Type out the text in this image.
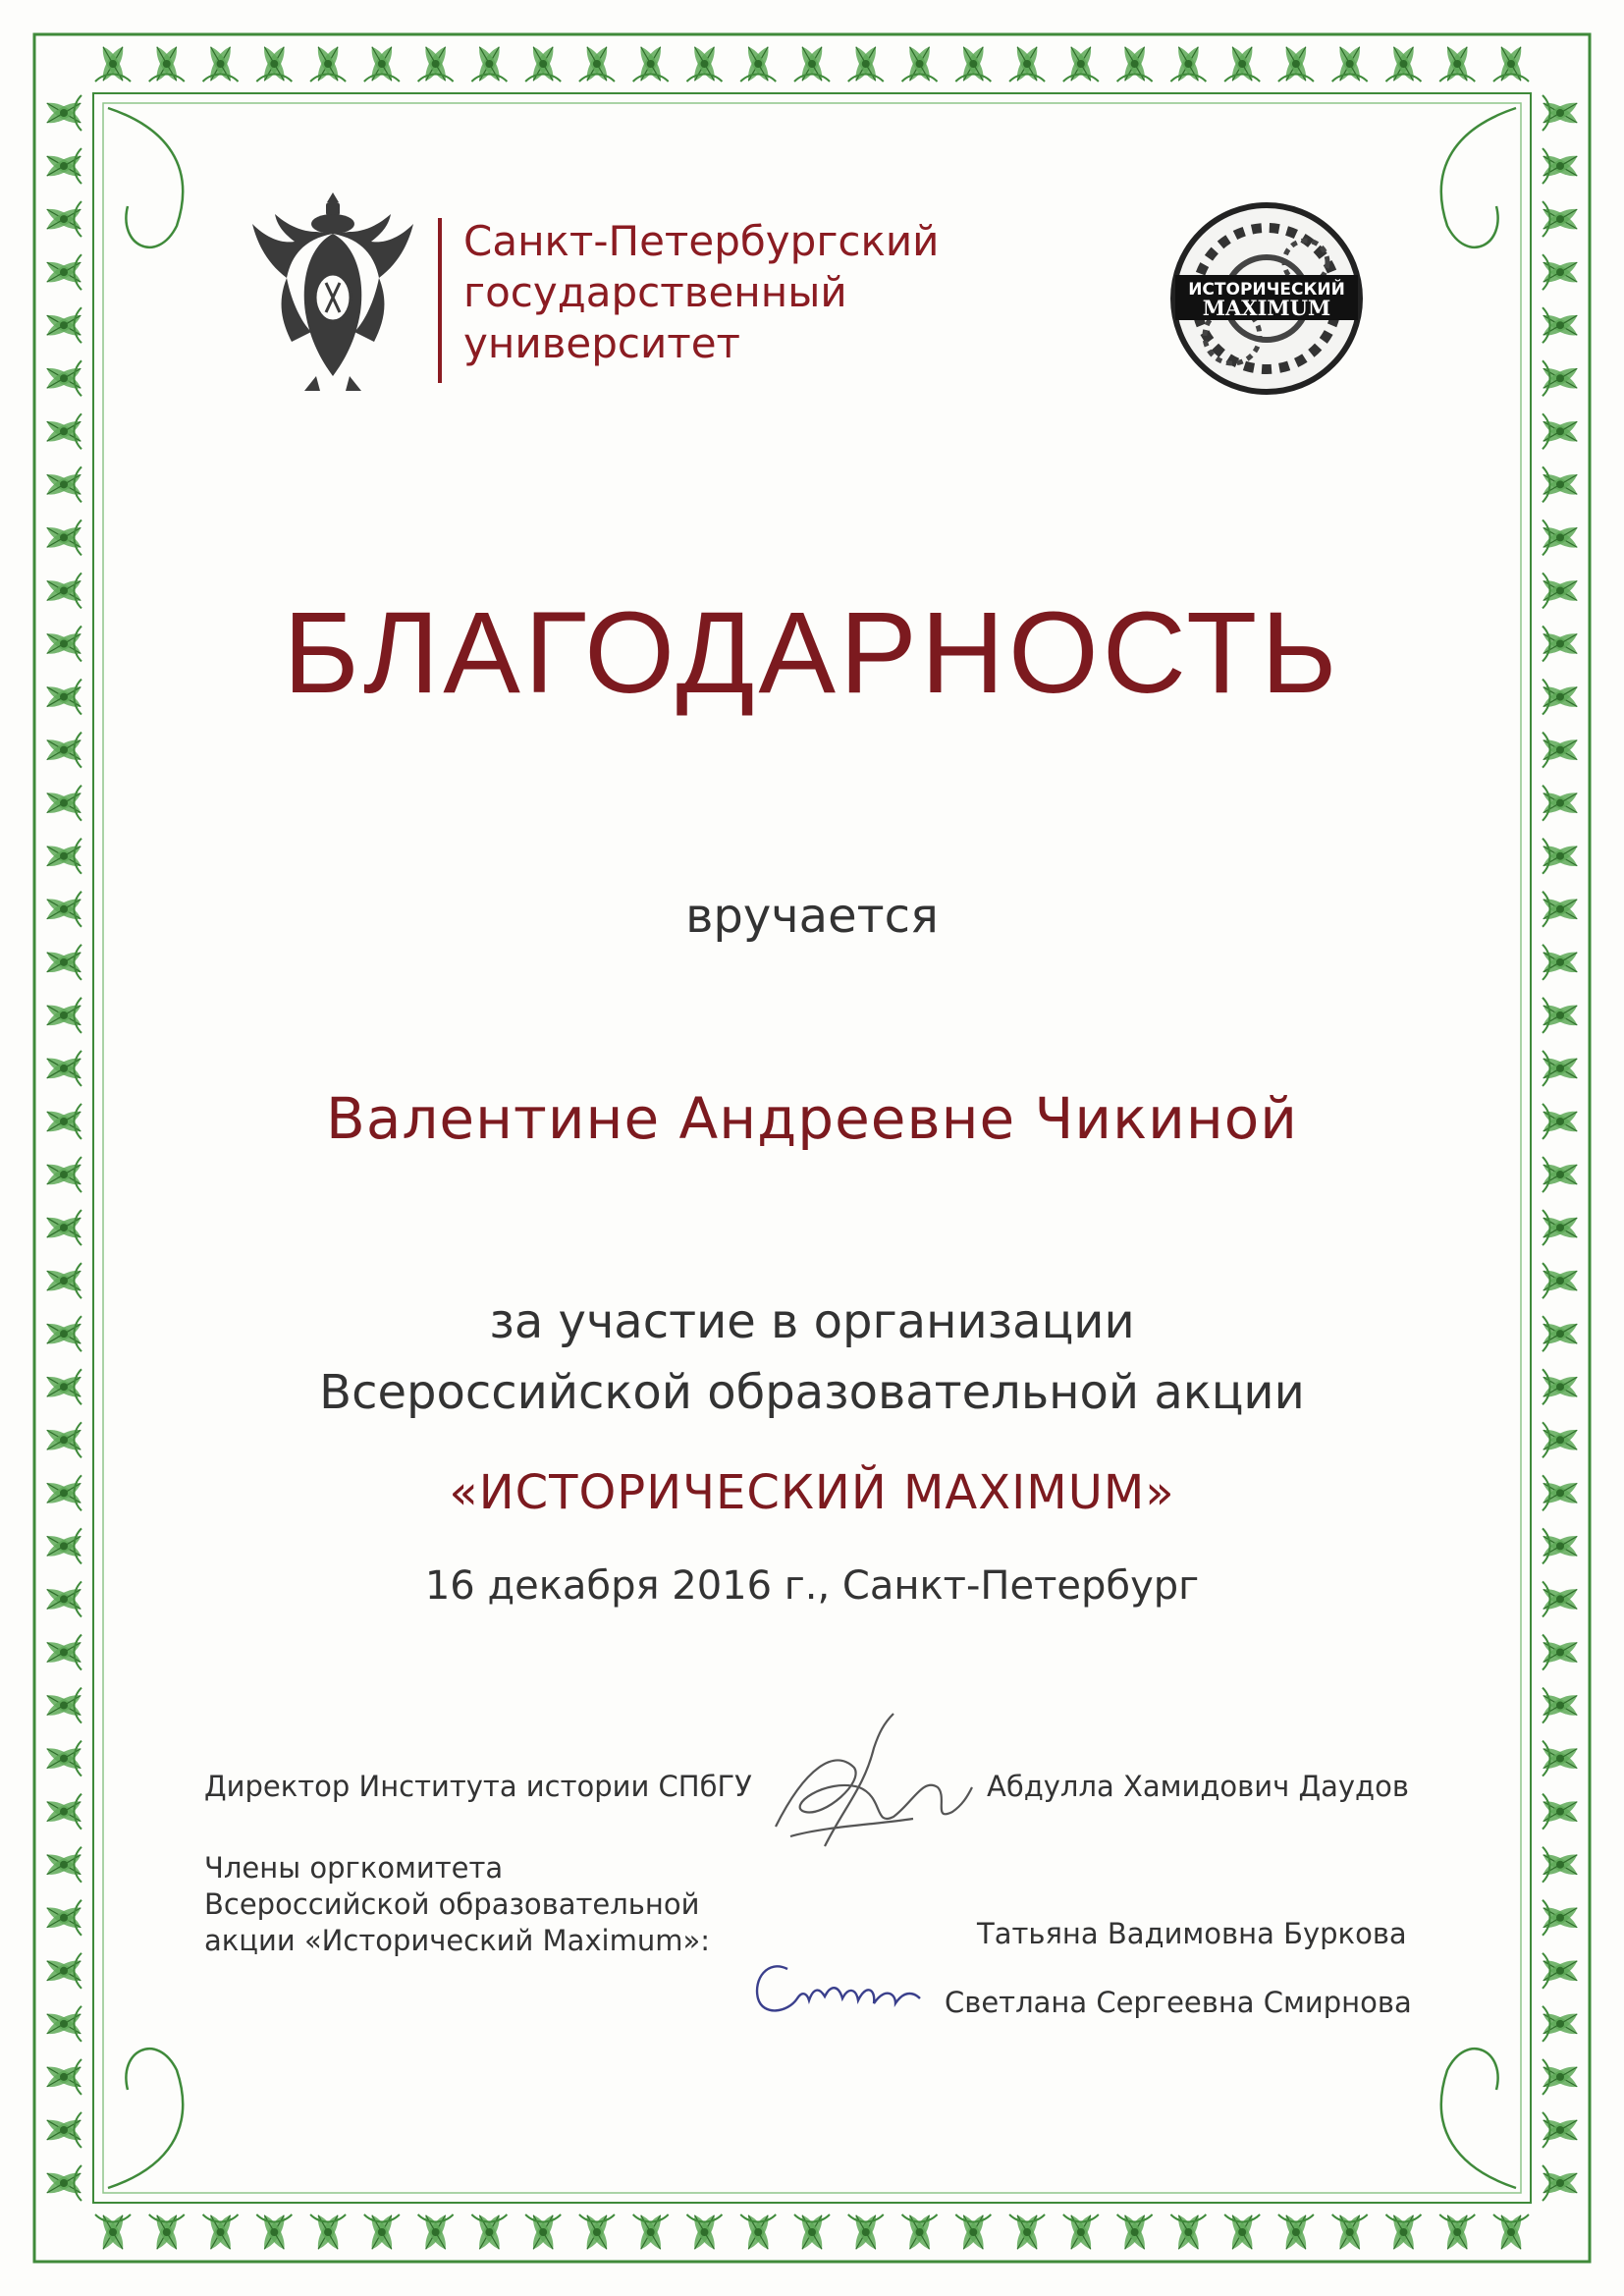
Санкт-Петербургский
государственный
университет
ИСТОРИЧЕСКИЙ
MAXIMUM
БЛАГОДАРНОСТЬ
вручается
Валентине Андреевне Чикиной
за участие в организации
Всероссийской образовательной акции
«ИСТОРИЧЕСКИЙ MAXIMUM»
16 декабря 2016 г., Санкт-Петербург
Директор Института истории СПбГУ	Абдулла Хамидович Даудов
Члены оргкомитета
Всероссийской образовательной
акции «Исторический Maximum»:	Татьяна Вадимовна Буркова
Светлана Сергеевна Смирнова
